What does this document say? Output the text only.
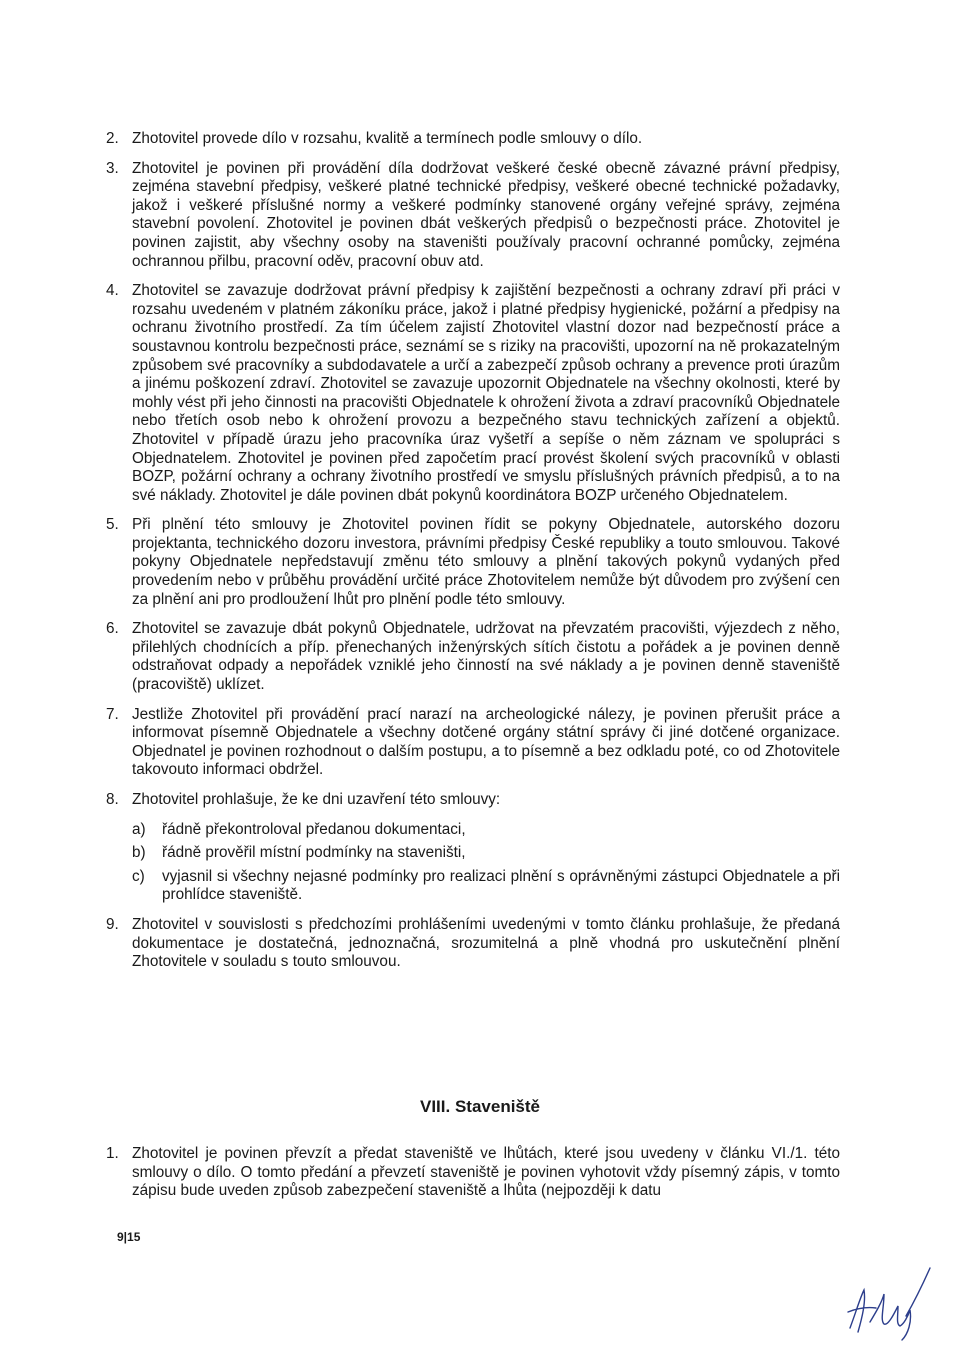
2. Zhotovitel provede dílo v rozsahu, kvalitě a termínech podle smlouvy o dílo.
3. Zhotovitel je povinen při provádění díla dodržovat veškeré české obecně závazné právní předpisy, zejména stavební předpisy, veškeré platné technické předpisy, veškeré obecné technické požadavky, jakož i veškeré příslušné normy a veškeré podmínky stanovené orgány veřejné správy, zejména stavební povolení. Zhotovitel je povinen dbát veškerých předpisů o bezpečnosti práce. Zhotovitel je povinen zajistit, aby všechny osoby na staveništi používaly pracovní ochranné pomůcky, zejména ochrannou přilbu, pracovní oděv, pracovní obuv atd.
4. Zhotovitel se zavazuje dodržovat právní předpisy k zajištění bezpečnosti a ochrany zdraví při práci v rozsahu uvedeném v platném zákoníku práce, jakož i platné předpisy hygienické, požární a předpisy na ochranu životního prostředí. Za tím účelem zajistí Zhotovitel vlastní dozor nad bezpečností práce a soustavnou kontrolu bezpečnosti práce, seznámí se s riziky na pracovišti, upozorní na ně prokazatelným způsobem své pracovníky a subdodavatele a určí a zabezpečí způsob ochrany a prevence proti úrazům a jinému poškození zdraví. Zhotovitel se zavazuje upozornit Objednatele na všechny okolnosti, které by mohly vést při jeho činnosti na pracovišti Objednatele k ohrožení života a zdraví pracovníků Objednatele nebo třetích osob nebo k ohrožení provozu a bezpečného stavu technických zařízení a objektů. Zhotovitel v případě úrazu jeho pracovníka úraz vyšetří a sepíše o něm záznam ve spolupráci s Objednatelem. Zhotovitel je povinen před započetím prací provést školení svých pracovníků v oblasti BOZP, požární ochrany a ochrany životního prostředí ve smyslu příslušných právních předpisů, a to na své náklady. Zhotovitel je dále povinen dbát pokynů koordinátora BOZP určeného Objednatelem.
5. Při plnění této smlouvy je Zhotovitel povinen řídit se pokyny Objednatele, autorského dozoru projektanta, technického dozoru investora, právními předpisy České republiky a touto smlouvou. Takové pokyny Objednatele nepředstavují změnu této smlouvy a plnění takových pokynů vydaných před provedením nebo v průběhu provádění určité práce Zhotovitelem nemůže být důvodem pro zvýšení cen za plnění ani pro prodloužení lhůt pro plnění podle této smlouvy.
6. Zhotovitel se zavazuje dbát pokynů Objednatele, udržovat na převzatém pracovišti, výjezdech z něho, přilehlých chodnících a příp. přenechaných inženýrských sítích čistotu a pořádek a je povinen denně odstraňovat odpady a nepořádek vzniklé jeho činností na své náklady a je povinen denně staveniště (pracoviště) uklízet.
7. Jestliže Zhotovitel při provádění prací narazí na archeologické nálezy, je povinen přerušit práce a informovat písemně Objednatele a všechny dotčené orgány státní správy či jiné dotčené organizace. Objednatel je povinen rozhodnout o dalším postupu, a to písemně a bez odkladu poté, co od Zhotovitele takovouto informaci obdržel.
8. Zhotovitel prohlašuje, že ke dni uzavření této smlouvy:
a)	řádně překontroloval předanou dokumentaci,
b)	řádně prověřil místní podmínky na staveništi,
c)	vyjasnil si všechny nejasné podmínky pro realizaci plnění s oprávněnými zástupci Objednatele a při prohlídce staveniště.
9. Zhotovitel v souvislosti s předchozími prohlášeními uvedenými v tomto článku prohlašuje, že předaná dokumentace je dostatečná, jednoznačná, srozumitelná a plně vhodná pro uskutečnění plnění Zhotovitele v souladu s touto smlouvou.
VIII. Staveniště
1. Zhotovitel je povinen převzít a předat staveniště ve lhůtách, které jsou uvedeny v článku VI./1. této smlouvy o dílo. O tomto předání a převzetí staveniště je povinen vyhotovit vždy písemný zápis, v tomto zápisu bude uveden způsob zabezpečení staveniště a lhůta (nejpozději k datu
9|15
